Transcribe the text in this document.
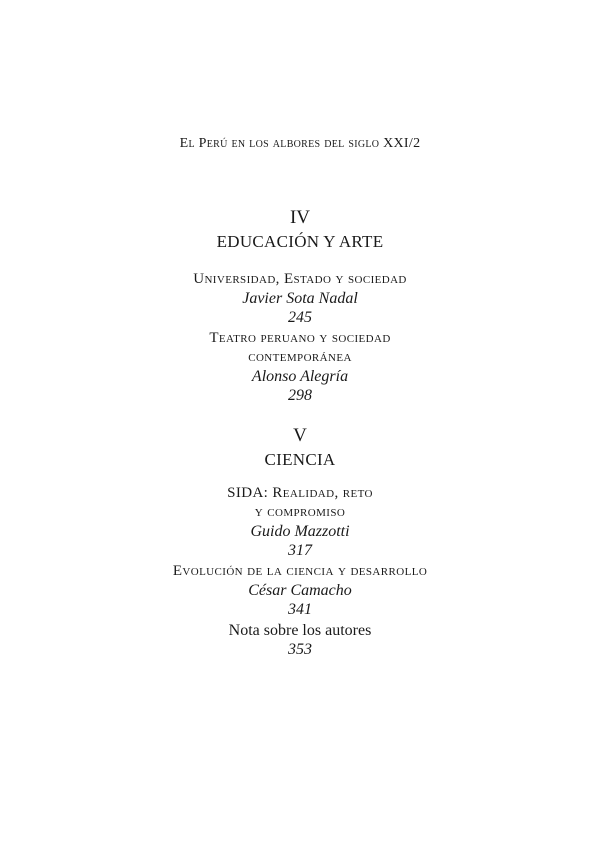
El Perú en los albores del siglo XXI/2
IV
EDUCACIÓN Y ARTE
Universidad, Estado y sociedad
Javier Sota Nadal
245
Teatro peruano y sociedad
contemporánea
Alonso Alegría
298
V
CIENCIA
SIDA: Realidad, reto
y compromiso
Guido Mazzotti
317
Evolución de la ciencia y desarrollo
César Camacho
341
Nota sobre los autores
353
